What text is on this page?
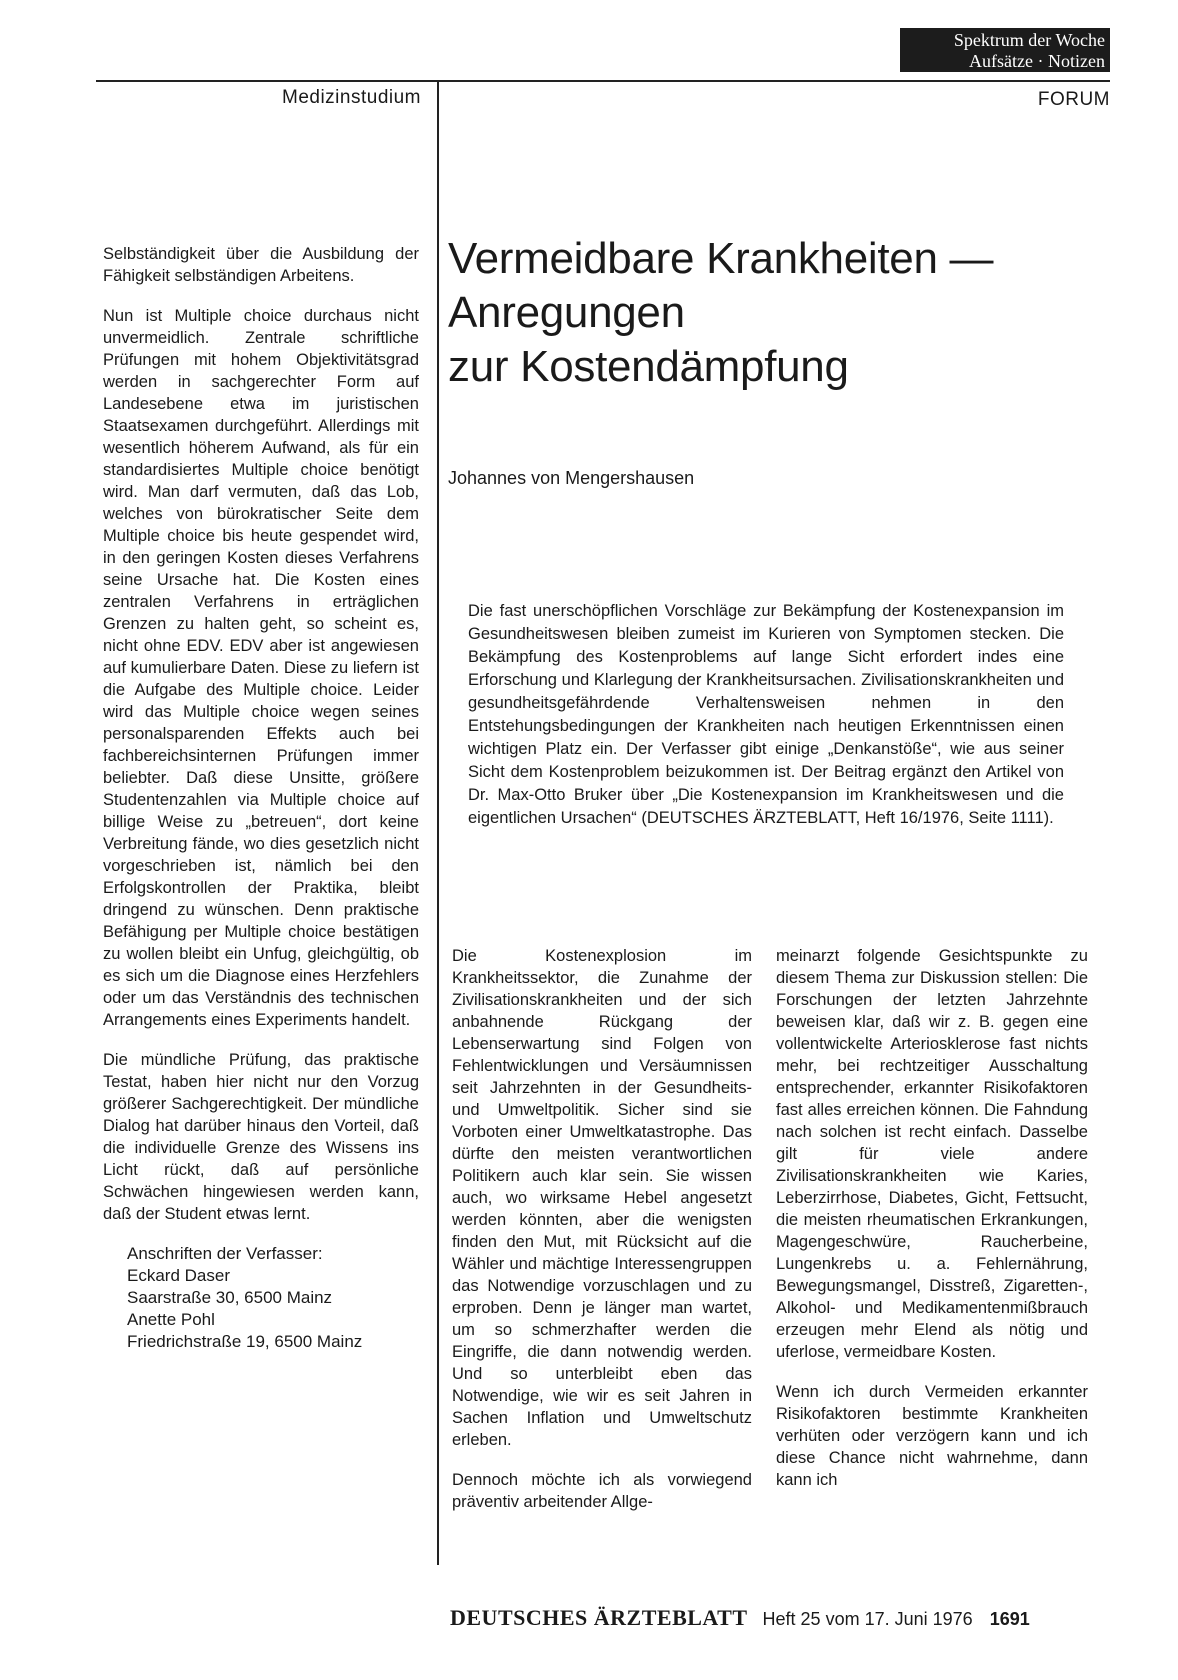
Spektrum der Woche
Aufsätze · Notizen
Medizinstudium	FORUM
Vermeidbare Krankheiten —
Anregungen
zur Kostendämpfung
Johannes von Mengershausen

Die fast unerschöpflichen Vorschläge zur Bekämpfung der Kostenexpansion im Gesundheitswesen bleiben zumeist im Kurieren von Symptomen stecken. Die Bekämpfung des Kostenproblems auf lange Sicht erfordert indes eine Erforschung und Klarlegung der Krankheitsursachen. Zivilisationskrankheiten und gesundheitsgefährdende Verhaltensweisen nehmen in den Entstehungsbedingungen der Krankheiten nach heutigen Erkenntnissen einen wichtigen Platz ein. Der Verfasser gibt einige „Denkanstöße“, wie aus seiner Sicht dem Kostenproblem beizukommen ist. Der Beitrag ergänzt den Artikel von Dr. Max-Otto Bruker über „Die Kostenexpansion im Krankheitswesen und die eigentlichen Ursachen“ (DEUTSCHES ÄRZTEBLATT, Heft 16/1976, Seite 1111).

Selbständigkeit über die Ausbildung der Fähigkeit selbständigen Arbeitens.

Nun ist Multiple choice durchaus nicht unvermeidlich. Zentrale schriftliche Prüfungen mit hohem Objektivitätsgrad werden in sachgerechter Form auf Landesebene etwa im juristischen Staatsexamen durchgeführt. Allerdings mit wesentlich höherem Aufwand, als für ein standardisiertes Multiple choice benötigt wird. Man darf vermuten, daß das Lob, welches von bürokratischer Seite dem Multiple choice bis heute gespendet wird, in den geringen Kosten dieses Verfahrens seine Ursache hat. Die Kosten eines zentralen Verfahrens in erträglichen Grenzen zu halten geht, so scheint es, nicht ohne EDV. EDV aber ist angewiesen auf kumulierbare Daten. Diese zu liefern ist die Aufgabe des Multiple choice. Leider wird das Multiple choice wegen seines personalsparenden Effekts auch bei fachbereichsinternen Prüfungen immer beliebter. Daß diese Unsitte, größere Studentenzahlen via Multiple choice auf billige Weise zu „betreuen“, dort keine Verbreitung fände, wo dies gesetzlich nicht vorgeschrieben ist, nämlich bei den Erfolgskontrollen der Praktika, bleibt dringend zu wünschen. Denn praktische Befähigung per Multiple choice bestätigen zu wollen bleibt ein Unfug, gleichgültig, ob es sich um die Diagnose eines Herzfehlers oder um das Verständnis des technischen Arrangements eines Experiments handelt.

Die mündliche Prüfung, das praktische Testat, haben hier nicht nur den Vorzug größerer Sachgerechtigkeit. Der mündliche Dialog hat darüber hinaus den Vorteil, daß die individuelle Grenze des Wissens ins Licht rückt, daß auf persönliche Schwächen hingewiesen werden kann, daß der Student etwas lernt.

Anschriften der Verfasser:
Eckard Daser
Saarstraße 30, 6500 Mainz
Anette Pohl
Friedrichstraße 19, 6500 Mainz

Die Kostenexplosion im Krankheitssektor, die Zunahme der Zivilisationskrankheiten und der sich anbahnende Rückgang der Lebenserwartung sind Folgen von Fehlentwicklungen und Versäumnissen seit Jahrzehnten in der Gesundheits- und Umweltpolitik. Sicher sind sie Vorboten einer Umweltkatastrophe. Das dürfte den meisten verantwortlichen Politikern auch klar sein. Sie wissen auch, wo wirksame Hebel angesetzt werden könnten, aber die wenigsten finden den Mut, mit Rücksicht auf die Wähler und mächtige Interessengruppen das Notwendige vorzuschlagen und zu erproben. Denn je länger man wartet, um so schmerzhafter werden die Eingriffe, die dann notwendig werden. Und so unterbleibt eben das Notwendige, wie wir es seit Jahren in Sachen Inflation und Umweltschutz erleben.

Dennoch möchte ich als vorwiegend präventiv arbeitender Allge-

meinarzt folgende Gesichtspunkte zu diesem Thema zur Diskussion stellen: Die Forschungen der letzten Jahrzehnte beweisen klar, daß wir z. B. gegen eine vollentwickelte Arteriosklerose fast nichts mehr, bei rechtzeitiger Ausschaltung entsprechender, erkannter Risikofaktoren fast alles erreichen können. Die Fahndung nach solchen ist recht einfach. Dasselbe gilt für viele andere Zivilisationskrankheiten wie Karies, Leberzirrhose, Diabetes, Gicht, Fettsucht, die meisten rheumatischen Erkrankungen, Magengeschwüre, Raucherbeine, Lungenkrebs u. a. Fehlernährung, Bewegungsmangel, Disstreß, Zigaretten-, Alkohol- und Medikamentenmißbrauch erzeugen mehr Elend als nötig und uferlose, vermeidbare Kosten.

Wenn ich durch Vermeiden erkannter Risikofaktoren bestimmte Krankheiten verhüten oder verzögern kann und ich diese Chance nicht wahrnehme, dann kann ich

DEUTSCHES ÄRZTEBLATT Heft 25 vom 17. Juni 1976 1691
